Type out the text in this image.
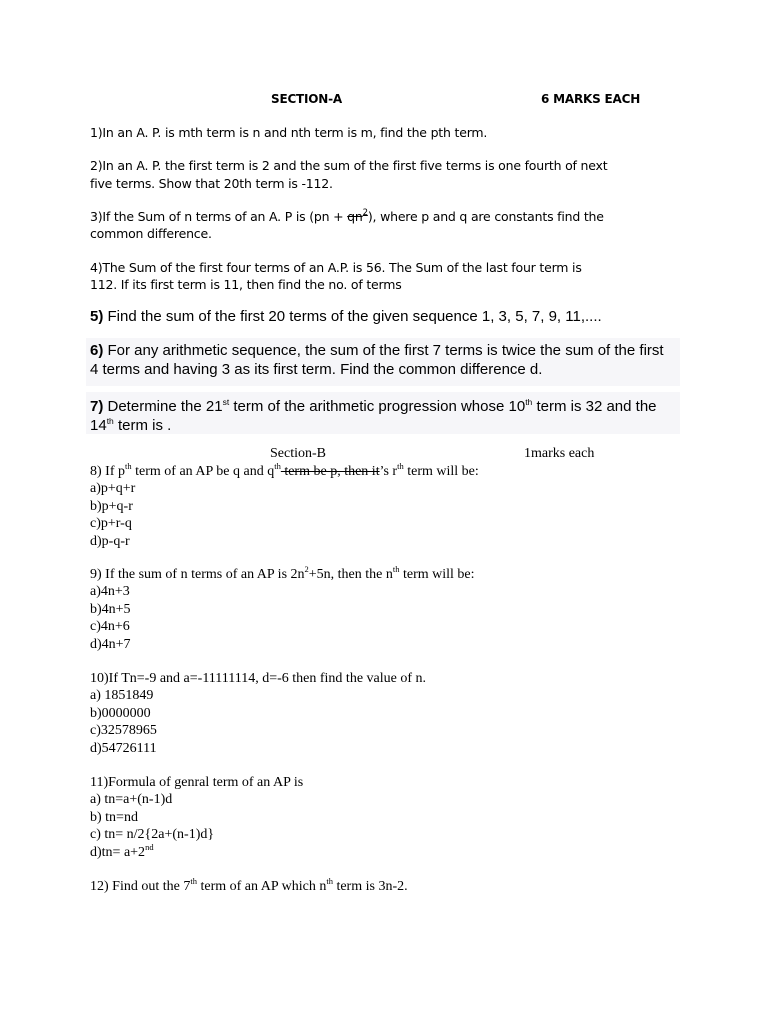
SECTION-A	6 MARKS EACH
1)In an A. P. is mth term is n and nth term is m, find the pth term.
2)In an A. P. the first term is 2 and the sum of the first five terms is one fourth of next
five terms. Show that 20th term is -112.
3)If the Sum of n terms of an A. P is $(pn + qn^2)$, where p and q are constants find the
common difference.
4)The Sum of the first four terms of an A.P. is 56. The Sum of the last four term is
112. If its first term is 11, then find the no. of terms
5) Find the sum of the first 20 terms of the given sequence 1, 3, 5, 7, 9, 11,....
6) For any arithmetic sequence, the sum of the first 7 terms is twice the sum of the first
4 terms and having 3 as its first term. Find the common difference d.
7) Determine the 21st term of the arithmetic progression whose 10th term is 32 and the
14th term is .
Section-B	1marks each
8) If $p^{th}$ term of an AP be q and $q^{th}$ term be p, then it’s $r^{th}$ term will be:
a)p+q+r
b)p+q-r
c)p+r-q
d)p-q-r
9) If the sum of n terms of an AP is $2n^2+5n$, then the $n^{th}$ term will be:
a)4n+3
b)4n+5
c)4n+6
d)4n+7
10)If Tn=-9 and a=-11111114, d=-6 then find the value of n.
a) 1851849
b)0000000
c)32578965
d)54726111
11)Formula of genral term of an AP is
a) tn=a+(n-1)d
b) tn=nd
c) tn= n/2{2a+(n-1)d}
d)tn= a+2nd
12) Find out the 7th term of an AP which $n^{th}$ term is 3n-2.
